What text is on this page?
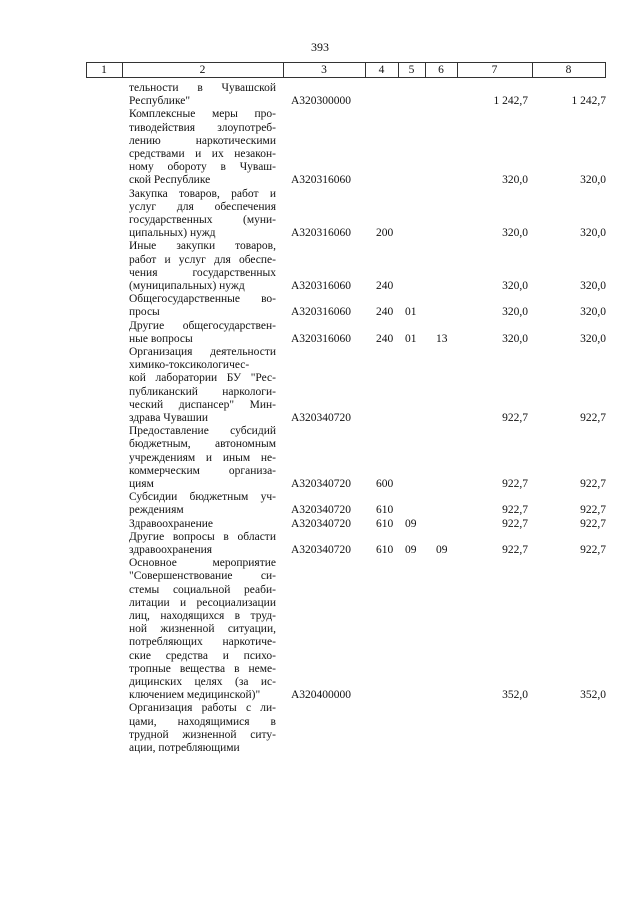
393
1	2	3	4	5	6	7	8
тельности в Чувашской
Республике"	А320300000	1 242,7	1 242,7
Комплексные меры про-
тиводействия злоупотреб-
лению наркотическими
средствами и их незакон-
ному обороту в Чуваш-
ской Республике	А320316060	320,0	320,0
Закупка товаров, работ и
услуг для обеспечения
государственных (муни-
ципальных) нужд	А320316060 200	320,0	320,0
Иные закупки товаров,
работ и услуг для обеспе-
чения государственных
(муниципальных) нужд	А320316060 240	320,0	320,0
Общегосударственные во-
просы	А320316060 240 01	320,0	320,0
Другие общегосударствен-
ные вопросы	А320316060 240 01 13	320,0	320,0
Организация деятельности
химико-токсикологичес-
кой лаборатории БУ "Рес-
публиканский наркологи-
ческий диспансер" Мин-
здрава Чувашии	А320340720	922,7	922,7
Предоставление субсидий
бюджетным, автономным
учреждениям и иным не-
коммерческим организа-
циям	А320340720 600	922,7	922,7
Субсидии бюджетным уч-
реждениям	А320340720 610	922,7	922,7
Здравоохранение	А320340720 610 09	922,7	922,7
Другие вопросы в области
здравоохранения	А320340720 610 09 09	922,7	922,7
Основное мероприятие
"Совершенствование си-
стемы социальной реаби-
литации и ресоциализации
лиц, находящихся в труд-
ной жизненной ситуации,
потребляющих наркотиче-
ские средства и психо-
тропные вещества в неме-
дицинских целях (за ис-
ключением медицинской)"	А320400000	352,0	352,0
Организация работы с ли-
цами, находящимися в
трудной жизненной ситу-
ации, потребляющими
